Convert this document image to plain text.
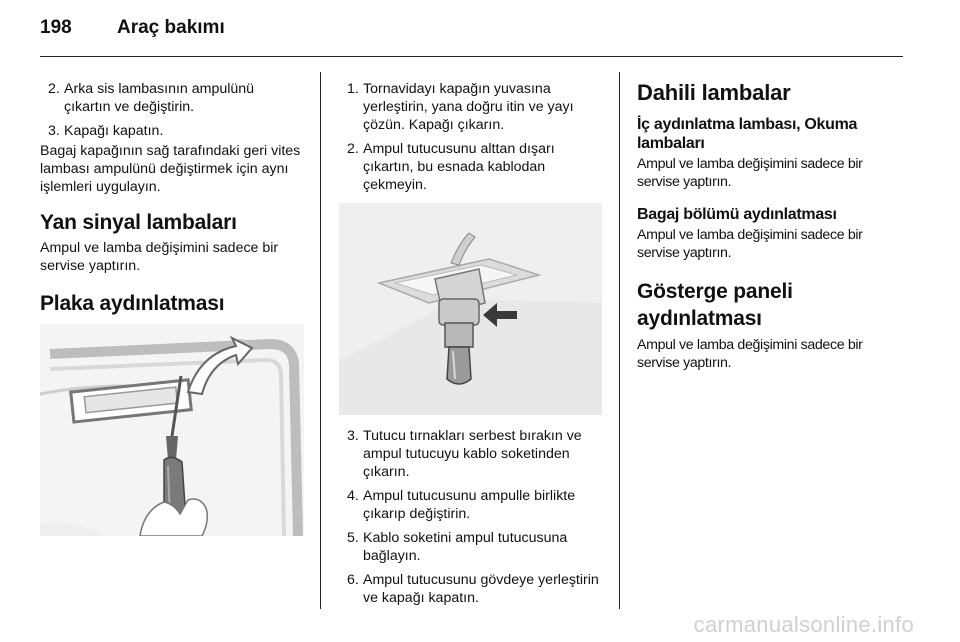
198 Araç bakımı
2. Arka sis lambasının ampulünü çıkartın ve değiştirin.
3. Kapağı kapatın.

Bagaj kapağının sağ tarafındaki geri vites lambası ampulünü değiştirmek için aynı işlemleri uygulayın.

Yan sinyal lambaları

Ampul ve lamba değişimini sadece bir servise yaptırın.

Plaka aydınlatması
1. Tornavidayı kapağın yuvasına yerleştirin, yana doğru itin ve yayı çözün. Kapağı çıkarın.
2. Ampul tutucusunu alttan dışarı çıkartın, bu esnada kablodan çekmeyin.
3. Tutucu tırnakları serbest bırakın ve ampul tutucuyu kablo soketinden çıkarın.
4. Ampul tutucusunu ampulle birlikte çıkarıp değiştirin.
5. Kablo soketini ampul tutucusuna bağlayın.
6. Ampul tutucusunu gövdeye yerleştirin ve kapağı kapatın.
Dahili lambalar
İç aydınlatma lambası, Okuma lambaları

Ampul ve lamba değişimini sadece bir servise yaptırın.

Bagaj bölümü aydınlatması

Ampul ve lamba değişimini sadece bir servise yaptırın.

Gösterge paneli aydınlatması

Ampul ve lamba değişimini sadece bir servise yaptırın.

carmanualsonline.info
